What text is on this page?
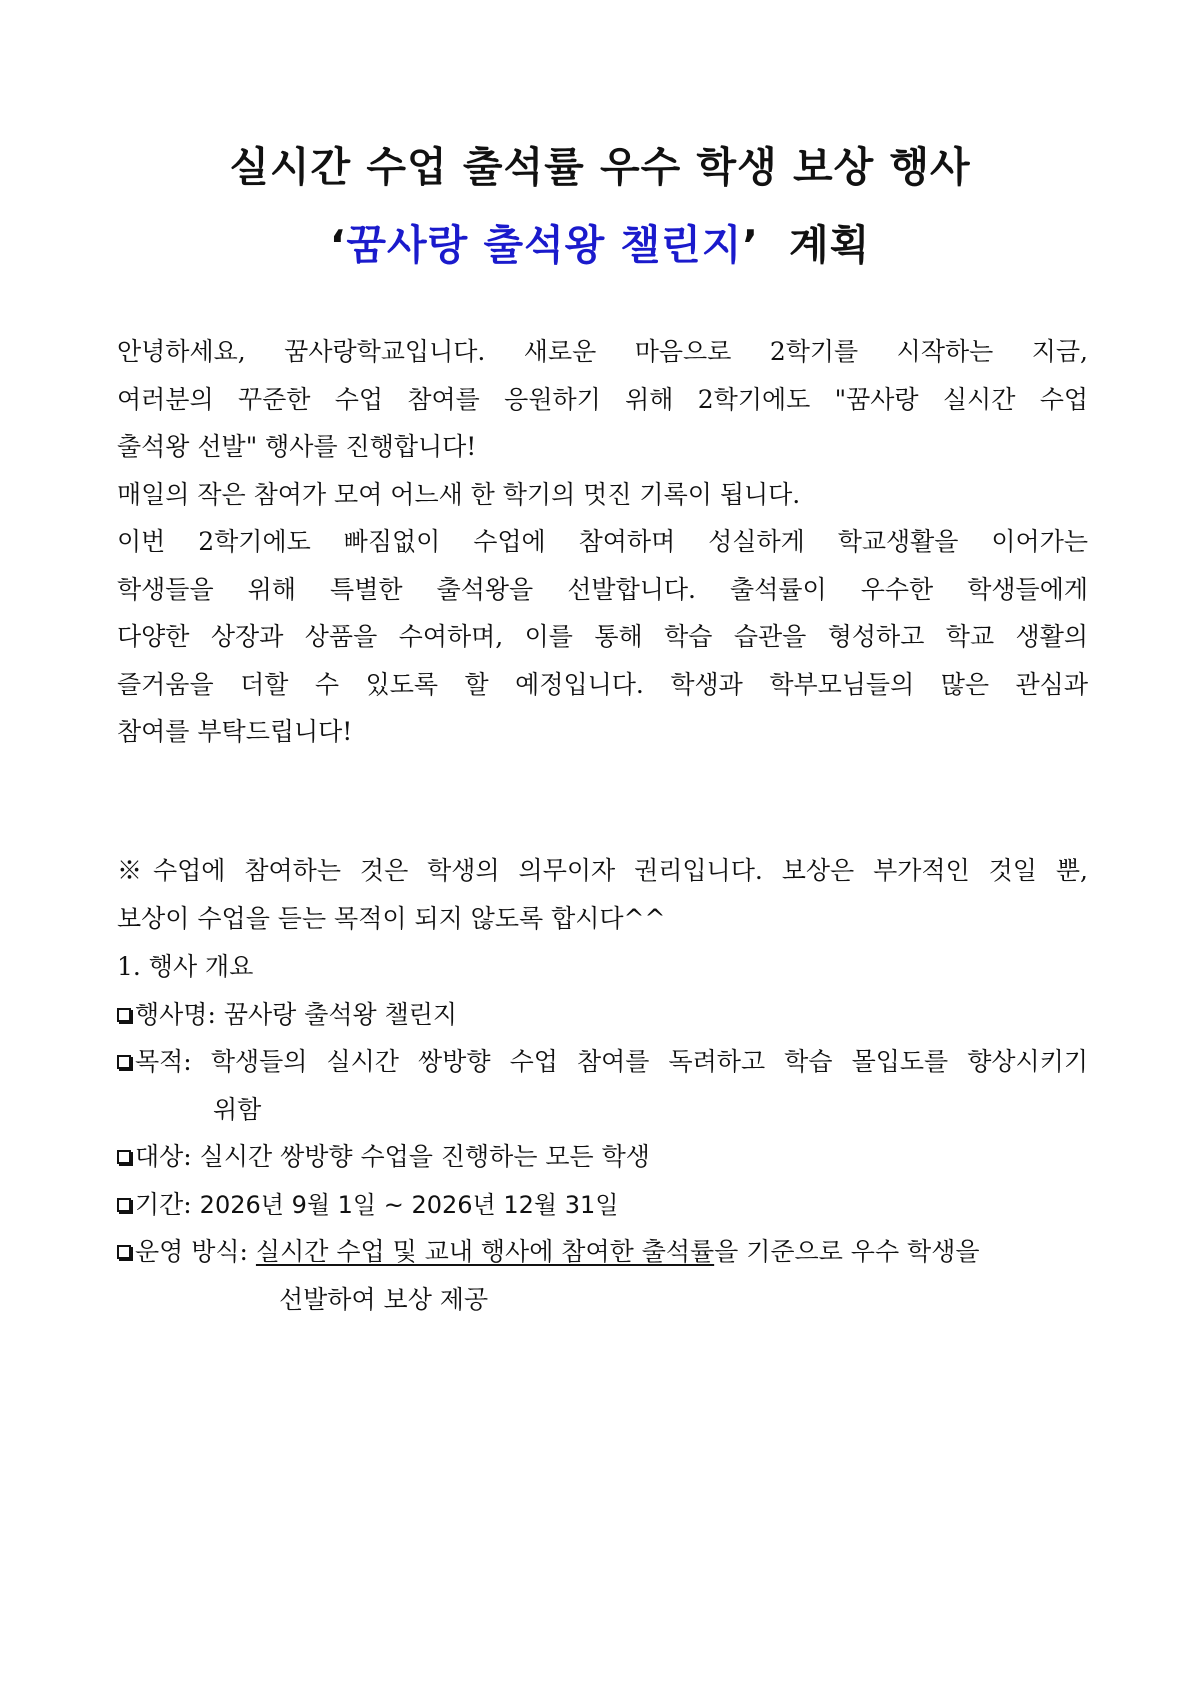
실시간 수업 출석률 우수 학생 보상 행사
‘꿈사랑 출석왕 챌린지’ 계획
안녕하세요, 꿈사랑학교입니다. 새로운 마음으로 2학기를 시작하는 지금,
여러분의 꾸준한 수업 참여를 응원하기 위해 2학기에도 "꿈사랑 실시간 수업
출석왕 선발" 행사를 진행합니다!
매일의 작은 참여가 모여 어느새 한 학기의 멋진 기록이 됩니다.
이번 2학기에도 빠짐없이 수업에 참여하며 성실하게 학교생활을 이어가는
학생들을 위해 특별한 출석왕을 선발합니다. 출석률이 우수한 학생들에게
다양한 상장과 상품을 수여하며, 이를 통해 학습 습관을 형성하고 학교 생활의
즐거움을 더할 수 있도록 할 예정입니다. 학생과 학부모님들의 많은 관심과
참여를 부탁드립니다!
※수업에 참여하는 것은 학생의 의무이자 권리입니다. 보상은 부가적인 것일 뿐,
보상이 수업을 듣는 목적이 되지 않도록 합시다^^
1. 행사 개요
행사명: 꿈사랑 출석왕 챌린지
목적: 학생들의 실시간 쌍방향 수업 참여를 독려하고 학습 몰입도를 향상시키기
위함
대상: 실시간 쌍방향 수업을 진행하는 모든 학생
기간: 2026년 9월 1일 ~ 2026년 12월 31일
운영 방식: 실시간 수업 및 교내 행사에 참여한 출석률을 기준으로 우수 학생을
선발하여 보상 제공
